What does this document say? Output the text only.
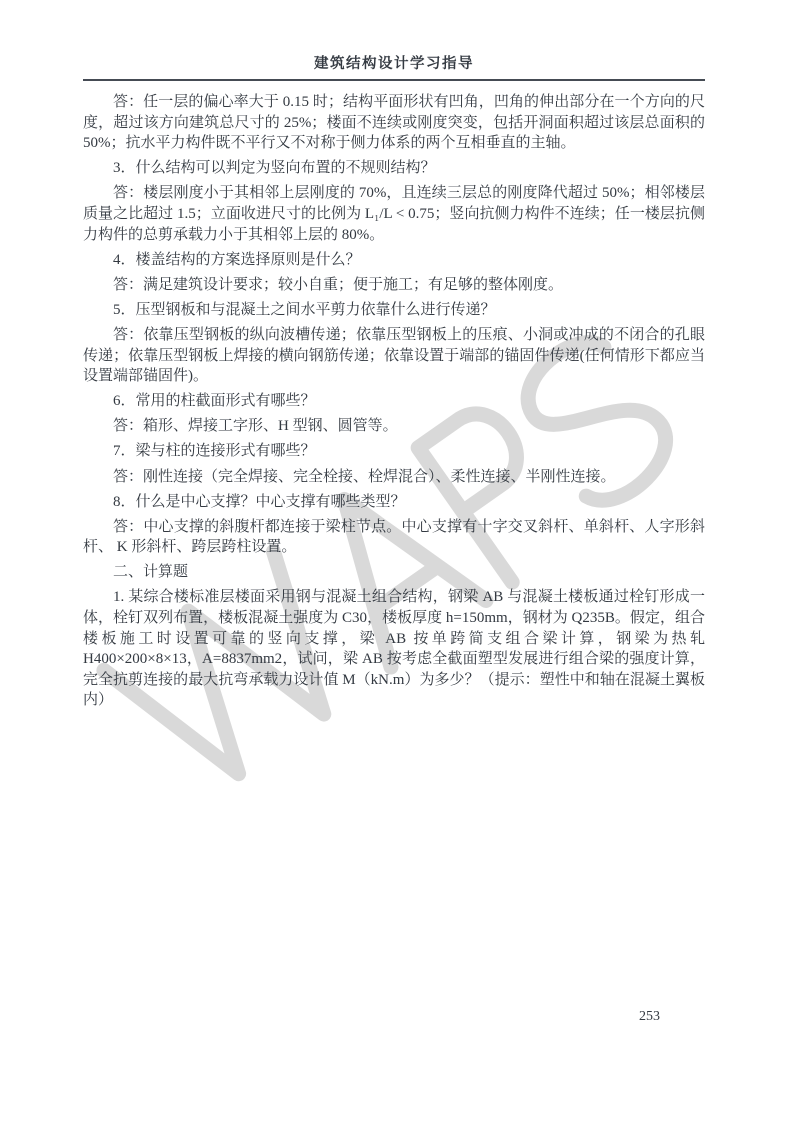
建筑结构设计学习指导

答：任一层的偏心率大于 0.15 时；结构平面形状有凹角，凹角的伸出部分在一个方向的尺度，超过该方向建筑总尺寸的 25%；楼面不连续或刚度突变，包括开洞面积超过该层总面积的 50%；抗水平力构件既不平行又不对称于侧力体系的两个互相垂直的主轴。

3．什么结构可以判定为竖向布置的不规则结构？

答：楼层刚度小于其相邻上层刚度的 70%，且连续三层总的刚度降代超过 50%；相邻楼层质量之比超过 1.5；立面收进尺寸的比例为 L₁/L < 0.75；竖向抗侧力构件不连续；任一楼层抗侧力构件的总剪承载力小于其相邻上层的 80%。

4．楼盖结构的方案选择原则是什么？

答：满足建筑设计要求；较小自重；便于施工；有足够的整体刚度。

5．压型钢板和与混凝土之间水平剪力依靠什么进行传递？

答：依靠压型钢板的纵向波槽传递；依靠压型钢板上的压痕、小洞或冲成的不闭合的孔眼传递；依靠压型钢板上焊接的横向钢筋传递；依靠设置于端部的锚固件传递(任何情形下都应当设置端部锚固件)。

6．常用的柱截面形式有哪些？

答：箱形、焊接工字形、H 型钢、圆管等。

7．梁与柱的连接形式有哪些？

答：刚性连接（完全焊接、完全栓接、栓焊混合）、柔性连接、半刚性连接。

8．什么是中心支撑？中心支撑有哪些类型？

答：中心支撑的斜腹杆都连接于梁柱节点。中心支撑有十字交叉斜杆、单斜杆、人字形斜杆、 K 形斜杆、跨层跨柱设置。

二、计算题

1. 某综合楼标准层楼面采用钢与混凝土组合结构，钢梁 AB 与混凝土楼板通过栓钉形成一体，栓钉双列布置，楼板混凝土强度为 C30，楼板厚度 h=150mm，钢材为 Q235B。假定，组合楼板施工时设置可靠的竖向支撑，梁 AB 按单跨简支组合梁计算，钢梁为热轧 H400×200×8×13，A=8837mm2，试问，梁 AB 按考虑全截面塑型发展进行组合梁的强度计算，完全抗剪连接的最大抗弯承载力设计值 M（kN.m）为多少？（提示：塑性中和轴在混凝土翼板内）

253
